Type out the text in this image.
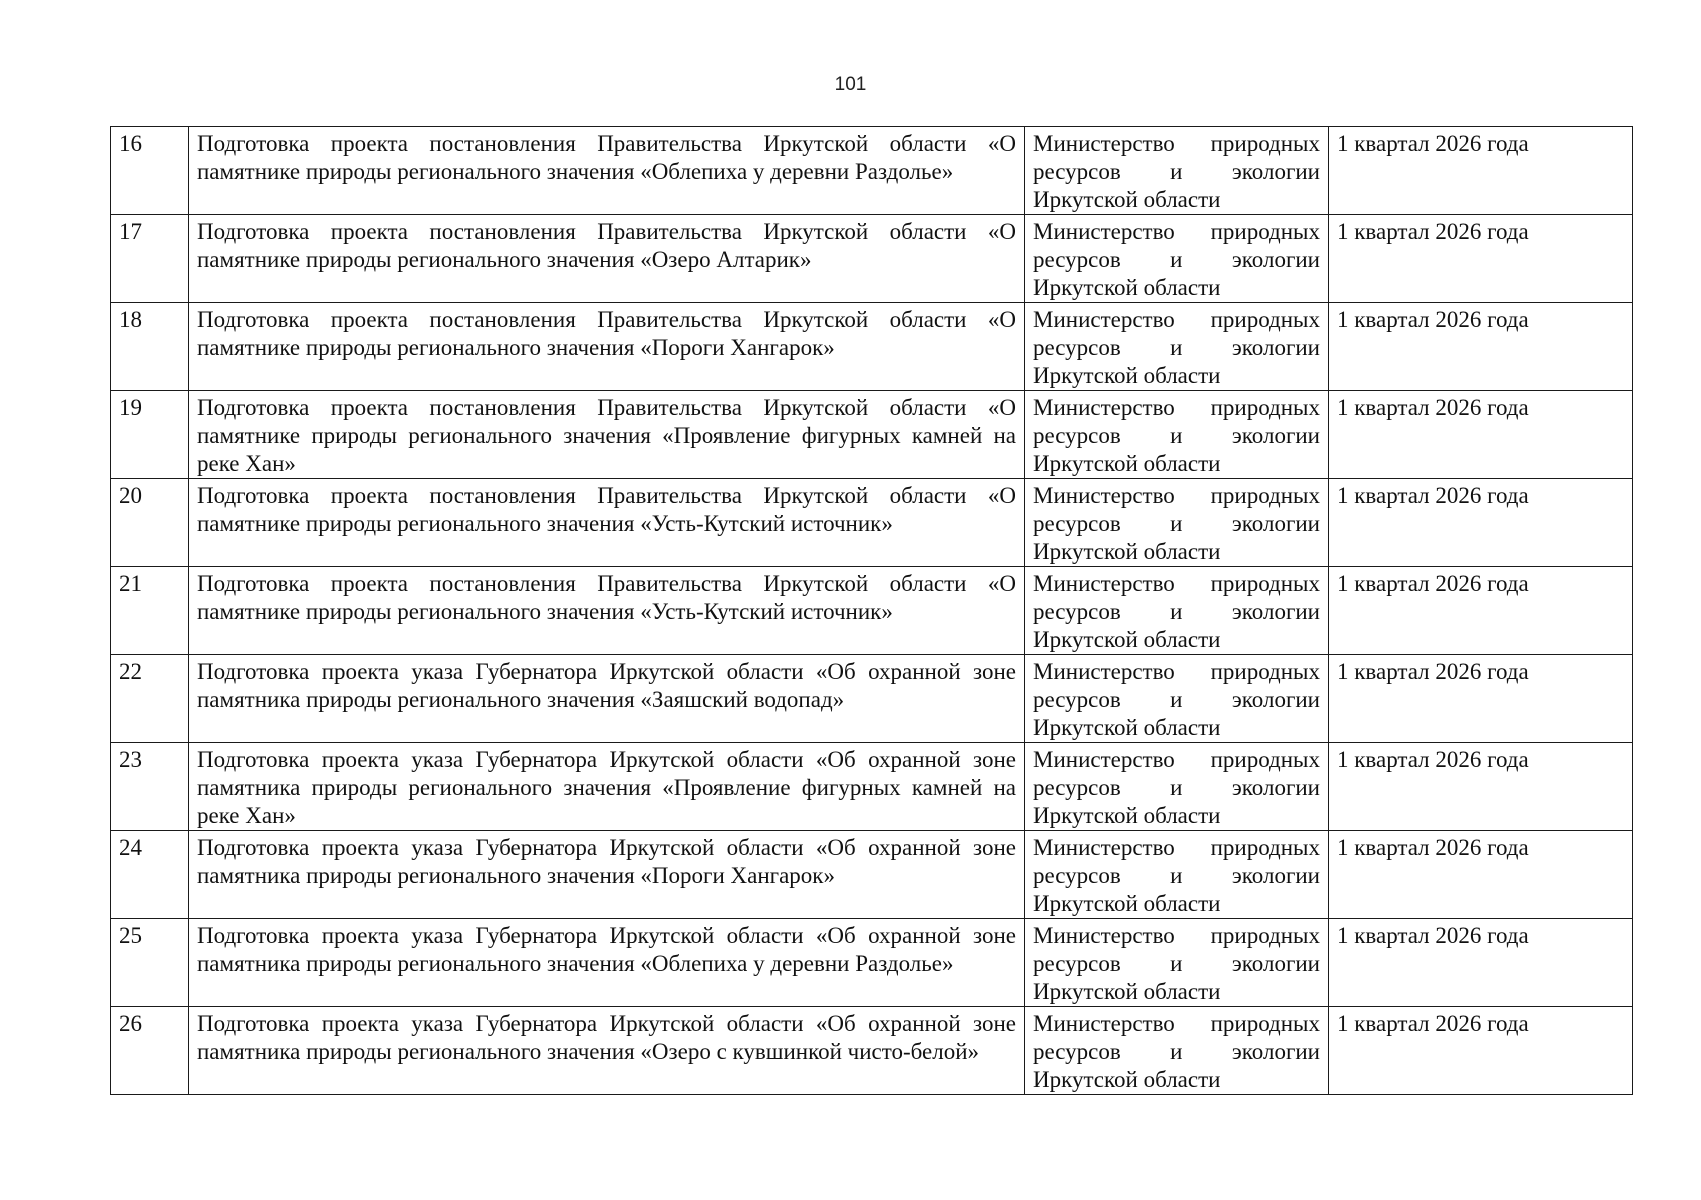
101
16	Подготовка проекта постановления Правительства Иркутской области «О памятнике природы регионального значения «Облепиха у деревни Раздолье»	Министерство природных ресурсов и экологии Иркутской области	1 квартал 2026 года
17	Подготовка проекта постановления Правительства Иркутской области «О памятнике природы регионального значения «Озеро Алтарик»	Министерство природных ресурсов и экологии Иркутской области	1 квартал 2026 года
18	Подготовка проекта постановления Правительства Иркутской области «О памятнике природы регионального значения «Пороги Хангарок»	Министерство природных ресурсов и экологии Иркутской области	1 квартал 2026 года
19	Подготовка проекта постановления Правительства Иркутской области «О памятнике природы регионального значения «Проявление фигурных камней на реке Хан»	Министерство природных ресурсов и экологии Иркутской области	1 квартал 2026 года
20	Подготовка проекта постановления Правительства Иркутской области «О памятнике природы регионального значения «Усть-Кутский источник»	Министерство природных ресурсов и экологии Иркутской области	1 квартал 2026 года
21	Подготовка проекта постановления Правительства Иркутской области «О памятнике природы регионального значения «Усть-Кутский источник»	Министерство природных ресурсов и экологии Иркутской области	1 квартал 2026 года
22	Подготовка проекта указа Губернатора Иркутской области «Об охранной зоне памятника природы регионального значения «Заяшский водопад»	Министерство природных ресурсов и экологии Иркутской области	1 квартал 2026 года
23	Подготовка проекта указа Губернатора Иркутской области «Об охранной зоне памятника природы регионального значения «Проявление фигурных камней на реке Хан»	Министерство природных ресурсов и экологии Иркутской области	1 квартал 2026 года
24	Подготовка проекта указа Губернатора Иркутской области «Об охранной зоне памятника природы регионального значения «Пороги Хангарок»	Министерство природных ресурсов и экологии Иркутской области	1 квартал 2026 года
25	Подготовка проекта указа Губернатора Иркутской области «Об охранной зоне памятника природы регионального значения «Облепиха у деревни Раздолье»	Министерство природных ресурсов и экологии Иркутской области	1 квартал 2026 года
26	Подготовка проекта указа Губернатора Иркутской области «Об охранной зоне памятника природы регионального значения «Озеро с кувшинкой чисто-белой»	Министерство природных ресурсов и экологии Иркутской области	1 квартал 2026 года
